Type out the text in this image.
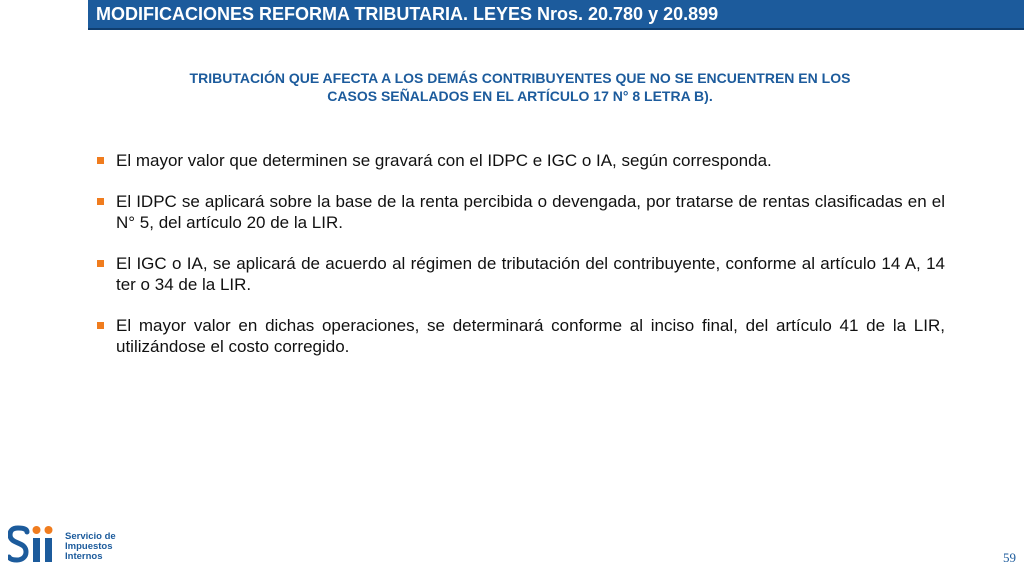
MODIFICACIONES REFORMA TRIBUTARIA. LEYES Nros. 20.780 y 20.899
TRIBUTACIÓN QUE AFECTA A LOS DEMÁS CONTRIBUYENTES QUE NO SE ENCUENTREN EN LOS
CASOS SEÑALADOS EN EL ARTÍCULO 17 N° 8 LETRA B).
El mayor valor que determinen se gravará con el IDPC e IGC o IA, según corresponda.
El IDPC se aplicará sobre la base de la renta percibida o devengada, por tratarse de rentas clasificadas en el N° 5, del artículo 20 de la LIR.
El IGC o IA, se aplicará de acuerdo al régimen de tributación del contribuyente, conforme al artículo 14 A, 14 ter o 34 de la LIR.
El mayor valor en dichas operaciones, se determinará conforme al inciso final, del artículo 41 de la LIR, utilizándose el costo corregido.
Servicio de
Impuestos
Internos	59
